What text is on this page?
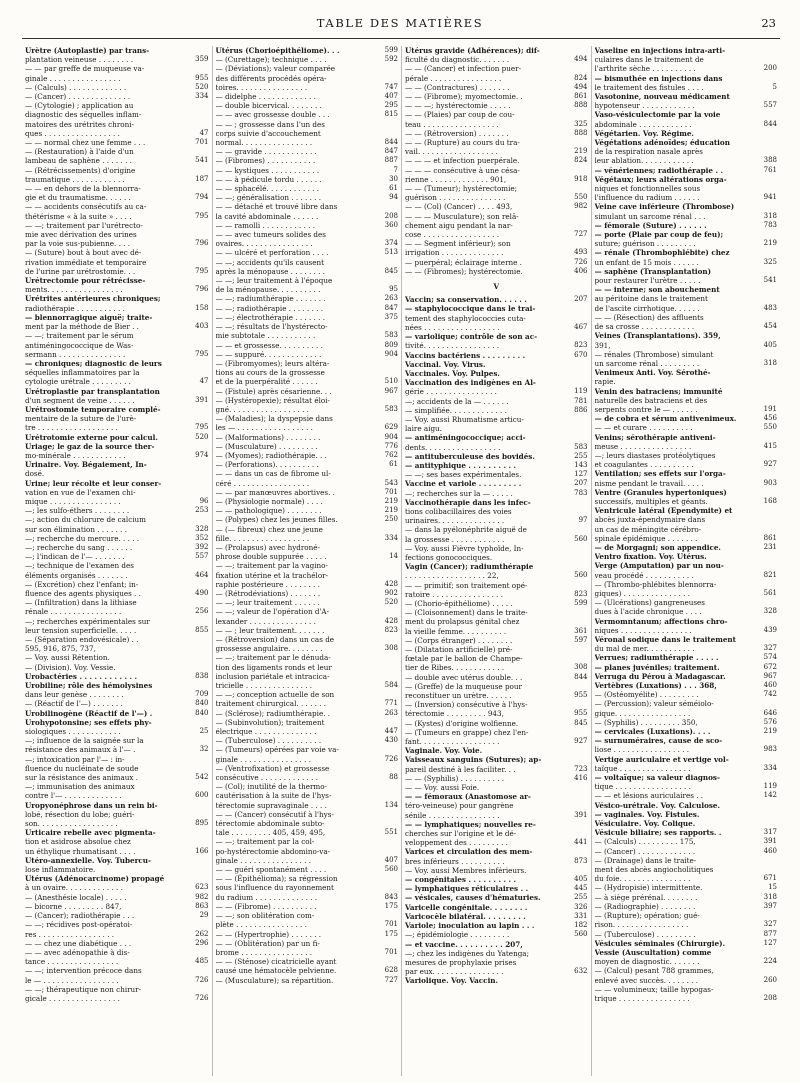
TABLE DES MATIÈRES	23
Urètre (Autoplastie) par trans-
plantation veineuse . . . . . . . .	359
— — par greffe de muqueuse va-
ginale . . . . . . . . . . . . . . . .	955
— (Calculs) . . . . . . . . . . . . .	520
— (Cancer) . . . . . . . . . . . . . .	334
— (Cytologie) ; application au
diagnostic des séquelles inflam-
matoires des urétrites chroni-
ques . . . . . . . . . . . . . . . . .	47
— — normal chez une femme . . .	701
— (Restauration) à l'aide d'un
lambeau de saphène . . . . . . .	541
— (Rétrécissements) d'origine
traumatique . . . . . . . . . . . .	187
— — en dehors de la blennorra-
gie et du traumatisme. . . . . .	794
— — accidents consécutifs au ca-
thétérisme « à la suite » . . . .	795
— —; traitement par l'urétrecto-
mie avec dérivation des urines
par la voie sus-pubienne. . . .	796
— (Suture) bout à bout avec dé-
rivation immédiate et temporaire
de l'urine par urétrostomie. . .	795
Urétrectomie pour rétrécisse-
ments. . . . . . . . . . . . . . . . .	796
Urétrites antérieures chroniques;
radiothérapie . . . . . . . . . . .	158
— blennorragique aiguë; traite-
ment par la méthode de Bier . .	403
— —; traitement par le sérum
antiméningococcique de Was-
sermann . . . . . . . . . . . . . . .	795
— chroniques; diagnostic de leurs
séquelles inflammatoires par la
cytologie urétrale . . . . . . . . .	47
Urétroplastie par transplantation
d'un segment de veine . . . . . .	391
Urétrostomie temporaire complé-
mentaire de la suture de l'urè-
tre . . . . . . . . . . . . . . . . . .	795
Urétrotomie externe pour calcul.	520
Uriage; le gaz de la source ther-
mo-minérale . . . . . . . . . . . .	974
Urinaire. Voy. Bégaiement, In-
dosé.
Urine; leur récolte et leur conser-
vation en vue de l'examen chi-
mique . . . . . . . . . . . . . . . .	96
—; les sulfo-éthers . . . . . . . .	253
—; action du chlorure de calcium
sur son élimination . . . . . . .	328
—; recherche du mercure. . . . .	352
—; recherche du sang . . . . . .	392
—; l'indican de l'— . . . . . . .	557
—; technique de l'examen des
éléments organisés . . . . . . .	464
— (Excrétion) chez l'enfant; in-
fluence des agents physiques . .	490
— (Infiltration) dans la lithiase
rénale . . . . . . . . . . . . . . . .	256
—; recherches expérimentales sur
leur tension superficielle. . . . .	855
— (Séparation endovésicale) . .
595, 916, 875, 737,
— Voy. aussi Rétention.
— (Division). Voy. Vessie.
Urobactéries . . . . . . . . . . . .	838
Urobiline; rôle des hémolysines
dans leur genèse . . . . . . . .	709
— (Réactif de l'—) . . . . . . .	840
Urobilinogène (Réactif de l'—) .	840
Urohypotonsine; ses effets phy-
siologiques . . . . . . . . . . . .	25
—; influence de la saignée sur la
résistance des animaux à l'— .	32
—; intoxication par l'— : in-
fluence du nucléinate de soude
sur la résistance des animaux .	542
—; immunisation des animaux
contre l'— . . . . . . . . . . . . .	600
Uropyonéphrose dans un rein bi-
lobé, résection du lobe; guéri-
son. . . . . . . . . . . . . . . . . .	895
Urticaire rebelle avec pigmenta-
tion et asidrose absolue chez
un éthylique rhumatisant . . . .	166
Utéro-annexielle. Voy. Tubercu-
lose inflammatoire.
Utérus (Adénocarcinome) propagé
à un ovaire. . . . . . . . . . . . .	623
— (Anesthésie locale) . . . . .	982
— bicorne . . . . . . . . . 847,	863
— (Cancer); radiothérapie . . .	29
— —; récidives post-opératoi-
res . . . . . . . . . . . . . . . . .	262
— — chez une diabétique . . .	296
— — avec adénopathie à dis-
tance . . . . . . . . . . . . . . . .	485
— —; intervention précoce dans
le — . . . . . . . . . . . . . . . . .	726
— —; thérapeutique non chirur-
gicale . . . . . . . . . . . . . . . .	726
Utérus (Chorioépithéliome). . .	599
— (Curettage); technique . . . .	592
— (Déviations); valeur comparée
des différents procédés opéra-
toires. . . . . . . . . . . . . . . .	747
— didelphe . . . . . . . . . . . . .	407
— double bicervical. . . . . . . .	295
— — avec grossesse double . . .	815
— — ; grossesse dans l'un des
corps suivie d'accouchement
normal. . . . . . . . . . . . . . . .	844
— — gravide . . . . . . . . . . . .	847
— (Fibromes) . . . . . . . . . . .	887
— — kystiques . . . . . . . . . . .	7
— — à pédicule tordu . . . . . .	30
— — sphacélé. . . . . . . . . . . .	61
— —; généralisation . . . . . . .	94
— — détaché et trouvé libre dans
la cavité abdominale . . . . . .	208
— — ramolli . . . . . . . . . . . .	360
— — avec tumeurs solides des
ovaires. . . . . . . . . . . . . . . .	374
— — ulcéré et perforation . . . .	513
— —; accidents qu'ils causent
après la ménopause . . . . . . . .	845
— —; leur traitement à l'époque
de la ménopause. . . . . . . . . .	95
— —; radiumthérapie . . . . . . .	263
— —; radiothérapie . . . . . . . .	847
— —; électrothérapie . . . . . . .	375
— —; résultats de l'hystérecto-
mie subtotale . . . . . . . . . . .	583
— — et grossesse. . . . . . . . . .	809
— — suppuré. . . . . . . . . . . . .	904
— (Fibromyomes); leurs altéra-
tions au cours de la grossesse
et de la puerpéralité . . . . . .	510
— (Fistule) après césarienne. . .	967
— (Hystéropexie); résultat éloi-
gné. . . . . . . . . . . . . . . . . .	583
— (Maladies); la dyspepsie dans
les — . . . . . . . . . . . . . . . . .	629
— (Malformations) . . . . . . . .	904
— (Musculature) . . . . . . . . .	776
— (Myomes); radiothérapie. . .	762
— (Perforations). . . . . . . . . .	61
— — dans un cas de fibrome ul-
céré . . . . . . . . . . . . . . . . .	543
— — par manœuvres abortives. .	701
— (Physiologie normale) . . . .	219
— — pathologique) . . . . . . . .	219
— (Polypes) chez les jeunes filles.	250
— (— fibreux) chez une jeune
fille. . . . . . . . . . . . . . . . . .	334
— (Prolapsus) avec hydroné-
phrose double suppurée . . . . .	14
— —; traitement par la vagino-
fixation utérine et la trachélor-
raphie postérieure . . . . . . . .	428
— (Rétrodéviations) . . . . . . .	902
— —; leur traitement . . . . . .	520
— —; valeur de l'opération d'A-
lexander . . . . . . . . . . . . . . .	428
— — ; leur traitement. . . . . . .	823
— (Rétroversion) dans un cas de
grossesse angulaire. . . . . . . .	308
— —; traitement par le dénuda-
tion des ligaments ronds et leur
inclusion pariétale et intracica-
tricielle . . . . . . . . . . . . . . .	584
— —; conception actuelle de son
traitement chirurgical. . . . . . .	771
— (Sclérose); radiumthérapie. .	263
— (Subinvolution); traitement
électrique . . . . . . . . . . . . . .	447
— (Tuberculose) . . . . . . . . . .	430
— (Tumeurs) opérées par voie va-
ginale . . . . . . . . . . . . . . . .	726
— (Ventrofixation) et grossesse
consécutive . . . . . . . . . . . . .	88
— (Col); inutilité de la thermo-
cautérisation à la suite de l'hys-
térectomie supravaginale . . . .	134
— — (Cancer) consécutif à l'hys-
térectomie abdominale subto-
tale . . . . . . . . . 405, 459, 495,	551
— —; traitement par la col-
po-hystérectomie abdomino-va-
ginale . . . . . . . . . . . . . . . .	407
— — guéri spontanément . . . .	560
— — (Épithélioma); sa régression
sous l'influence du rayonnement
du radium . . . . . . . . . . . . . .	843
— — (Fibrome) . . . . . . . . . .	175
— —; son oblitération com-
plète . . . . . . . . . . . . . . . .	701
— — (Hypertrophie) . . . . . . .	175
— — (Oblitération) par un fi-
brome . . . . . . . . . . . . . . . .	701
— — (Sténose) cicatricielle ayant
causé une hématocèle pelvienne.	628
— (Musculature); sa répartition.	727
Utérus gravide (Adhérences); dif-
ficulté du diagnostic. . . . . . .	494
— — (Cancer) et infection puer-
pérale . . . . . . . . . . . . . . . .	824
— — (Contractures) . . . . . . .	494
— — (Fibrome); myomectomie. .	861
— — —; hystérectomie . . . . .	888
— — (Plaies) par coup de cou-
teau . . . . . . . . . . . . . . . . .	325
— — (Rétroversion) . . . . . . .	888
— — (Rupture) au cours du tra-
vail. . . . . . . . . . . . . . . . . .	219
— — — et infection puerpérale.	824
— — — consécutive à une césa-
rienne . . . . . . . . . . . . . 901,	918
— — (Tumeur); hystérectomie;
guérison . . . . . . . . . . . . . . .	550
— — (Col) (Cancer) . . . . 493,	982
— — — Musculature); son relâ-
chement aigu pendant la nar-
cose . . . . . . . . . . . . . . . . .	727
— — Segment inférieur); son
irrigation . . . . . . . . . . . . . .	493
— puerpéral; éclairage interne .	726
— — (Fibromes); hystérectomie.	406
V
Vaccin; sa conservation. . . . . .	207
— staphylococcique dans le trai-
tement des staphylococcies cuta-
nées . . . . . . . . . . . . . . . . .	467
— variolique; contrôle de son ac-
tivité. . . . . . . . . . . . . . . . .	823
Vaccins bactériens . . . . . . . . .	670
Vaccinal. Voy. Virus.
Vaccinales. Voy. Pulpes.
Vaccination des indigènes en Al-
gérie . . . . . . . . . . . . . . . .	119
—; accidents de la — . . . . . .	781
— simplifiée. . . . . . . . . . . . .	886
— Voy. aussi Rhumatisme articu-
laire aigu.
— antiméningococcique; acci-
dents. . . . . . . . . . . . . . . . .	583
— antituberculeuse des bovidés.	255
— antityphique . . . . . . . . . .	143
— —; ses bases expérimentales.	127
Vaccine et variole . . . . . . . . .	207
—; recherches sur la — . . . . .	783
Vaccinothérapie dans les infec-
tions colibacillaires des voies
urinaires. . . . . . . . . . . . . . .	97
— dans la pyélonéphrite aiguë de
la grossesse . . . . . . . . . . . .	560
— Voy. aussi Fièvre typhoïde, In-
fections gonococciques.
Vagin (Cancer); radiumthérapie
. . . . . . . . . . . . . . . . . . 22,	560
— — primitif; son traitement opé-
ratoire . . . . . . . . . . . . . . . .	823
— (Chorio-épithéliome) . . . . .	599
— (Cloisonnement) dans le traite-
ment du prolapsus génital chez
la vieille femme. . . . . . . . . .	361
— (Corps étranger) . . . . . . . .	597
— (Dilatation artificielle) pré-
fœtale par le ballon de Champe-
tier de Ribes. . . . . . . . . . . .	308
— double avec utérus double. . .	844
— (Greffe) de la muqueuse pour
reconstituer un urètre. . . . . .	955
— (Inversion) consécutive à l'hys-
térectomie . . . . . . . . . 943,	955
— (Kystes) d'origine wolfienne.	845
— (Tumeurs en grappe) chez l'en-
fant. . . . . . . . . . . . . . . . . .	927
Vaginale. Voy. Voie.
Vaisseaux sanguins (Sutures); ap-
pareil destiné à les faciliter. . .	723
— — (Syphilis) . . . . . . . . . .	416
— — Voy. aussi Foie.
— — fémoraux (Anastomose ar-
téro-veineuse) pour gangrène
sénile . . . . . . . . . . . . . . . .	391
— — lymphatiques; nouvelles re-
cherches sur l'origine et le dé-
veloppement des . . . . . . . . .	441
Varices et circulation des mem-
bres inférieurs . . . . . . . . . .	873
— Voy. aussi Membres inférieurs.
— congénitales . . . . . . . . . .	405
— lymphatiques réticulaires . .	445
— vésicales, causes d'hématuries.	255
Varicelle congénitale. . . . . . . .	326
Varicocèle bilatéral. . . . . . . . .	331
Variole; inoculation au lapin . . .	182
—; épidémiologie . . . . . . . . .	560
— et vaccine. . . . . . . . . . 207,
—; chez les indigènes du Yatenga;
mesures de prophylaxie prises
par eux. . . . . . . . . . . . . . . .	632
Variolique. Voy. Vaccin.
Vaseline en injections intra-arti-
culaires dans le traitement de
l'arthrite sèche . . . . . . . . . .	200
— bismuthée en injections dans
le traitement des fistules . . . .	5
Vasotonine, nouveau médicament
hypotenseur . . . . . . . . . . . .	557
Vaso-vésiculectomie par la voie
abdominale . . . . . . . . . . . .	844
Végétarien. Voy. Régime.
Végétations adénoïdes; éducation
de la respiration nasale après
leur ablation. . . . . . . . . . . .	388
— vénériennes; radiothérapie . .	761
Végétaux; leurs altérations orga-
niques et fonctionnelles sous
l'influence du radium . . . . . .	941
Veine cave inférieure (Thrombose)
simulant un sarcome rénal . . .	318
— fémorale (Suture) . . . . . .	783
— porte (Plaie par coup de feu);
suture; guérison . . . . . . . . .	219
— rénale (Thrombophlébite) chez
un enfant de 15 mois . . . . . .	325
— saphène (Transplantation)
pour restaurer l'urètre . . . . .	541
— — interne; son abouchement
au péritoine dans le traitement
de l'ascite cirrhotique. . . . . .	483
— — (Résection) des affluents
de sa crosse . . . . . . . . . . . .	454
Veines (Transplantations). 359,
391,	405
— rénales (Thrombose) simulant
un sarcome rénal . . . . . . . . .	318
Venimeux Anti. Voy. Sérothé-
rapie.
Venin des batraciens; immunité
naturelle des batraciens et des
serpents contre le — . . . . . .	191
— de cobra et sérum antivenimeux.	456
— — et curare . . . . . . . . . .	550
Venins; sérothérapie antiveni-
meuse . . . . . . . . . . . . . . . .	415
—; leurs diastases protéolytiques
et coagulantes . . . . . . . . . .	927
Ventilation; ses effets sur l'orga-
nisme pendant le travail. . . . .	903
Ventre (Granules hypertoniques)
successifs, multiples et géants.	168
Ventricule latéral (Ependymite) et
abcès juxta-épendymaire dans
un cas de méningite cérébro-
spinale épidémique . . . . . . .	861
— de Morgagni; son appendice.	231
Ventro fixation. Voy. Utérus.
Verge (Amputation) par un nou-
veau procédé . . . . . . . . . . .	821
— (Thrombo-phlébites blennorra-
giques) . . . . . . . . . . . . . . .	561
— (Ulcérations) gangreneuses
dues à l'acide chronique . . . .	328
Vermomntanum; affections chro-
niques . . . . . . . . . . . . . . . .	439
Véronal sodique dans le traitement
du mal de mer. . . . . . . . . . .	327
Verrues; radiumthérapie . . . . .	574
— planes juvéniles; traitement.	672
Verruga du Pérou à Madagascar.	967
Vertèbres (Luxations) . . . 368,	460
— (Ostéomyélite) . . . . . . . . .	742
— (Percussion); valeur séméiolo-
gique. . . . . . . . . . . . . . . . .	646
— (Syphilis) . . . . . . . . . 350,	576
— cervicales (Luxations). . . .	219
— surnuméraires, cause de sco-
liose . . . . . . . . . . . . . . . . .	983
Vertige auriculaire et vertige vol-
taïque . . . . . . . . . . . . . . . .	334
— voltaïque; sa valeur diagnos-
tique . . . . . . . . . . . . . . . . .	119
— — et lésions auriculaires . .	142
Vésico-urétrale. Voy. Calculose.
— vaginales. Voy. Fistules.
Vésiculaire. Voy. Colique.
Vésicule biliaire; ses rapports. .	317
— (Calculs) . . . . . . . . . 175,	391
— (Cancer) . . . . . . . . . . . . .	460
— (Drainage) dans le traite-
ment des abcès angiocholitiques
du foie. . . . . . . . . . . . . . . .	671
— (Hydropisie) intermittente.	15
— à siège prérénal. . . . . . . .	318
— (Radiographie) . . . . . . . .	397
— (Rupture); opération; gué-
rison. . . . . . . . . . . . . . . . .	327
— (Tuberculose) . . . . . . . . .	877
Vésicules séminales (Chirurgie).	127
Vessie (Auscultation) comme
moyen de diagnostic. . . . . . .	224
— (Calcul) pesant 788 grammes,
enlevé avec succès. . . . . . . .	260
— — volumineux; taille hypogas-
trique . . . . . . . . . . . . . . . .	208
